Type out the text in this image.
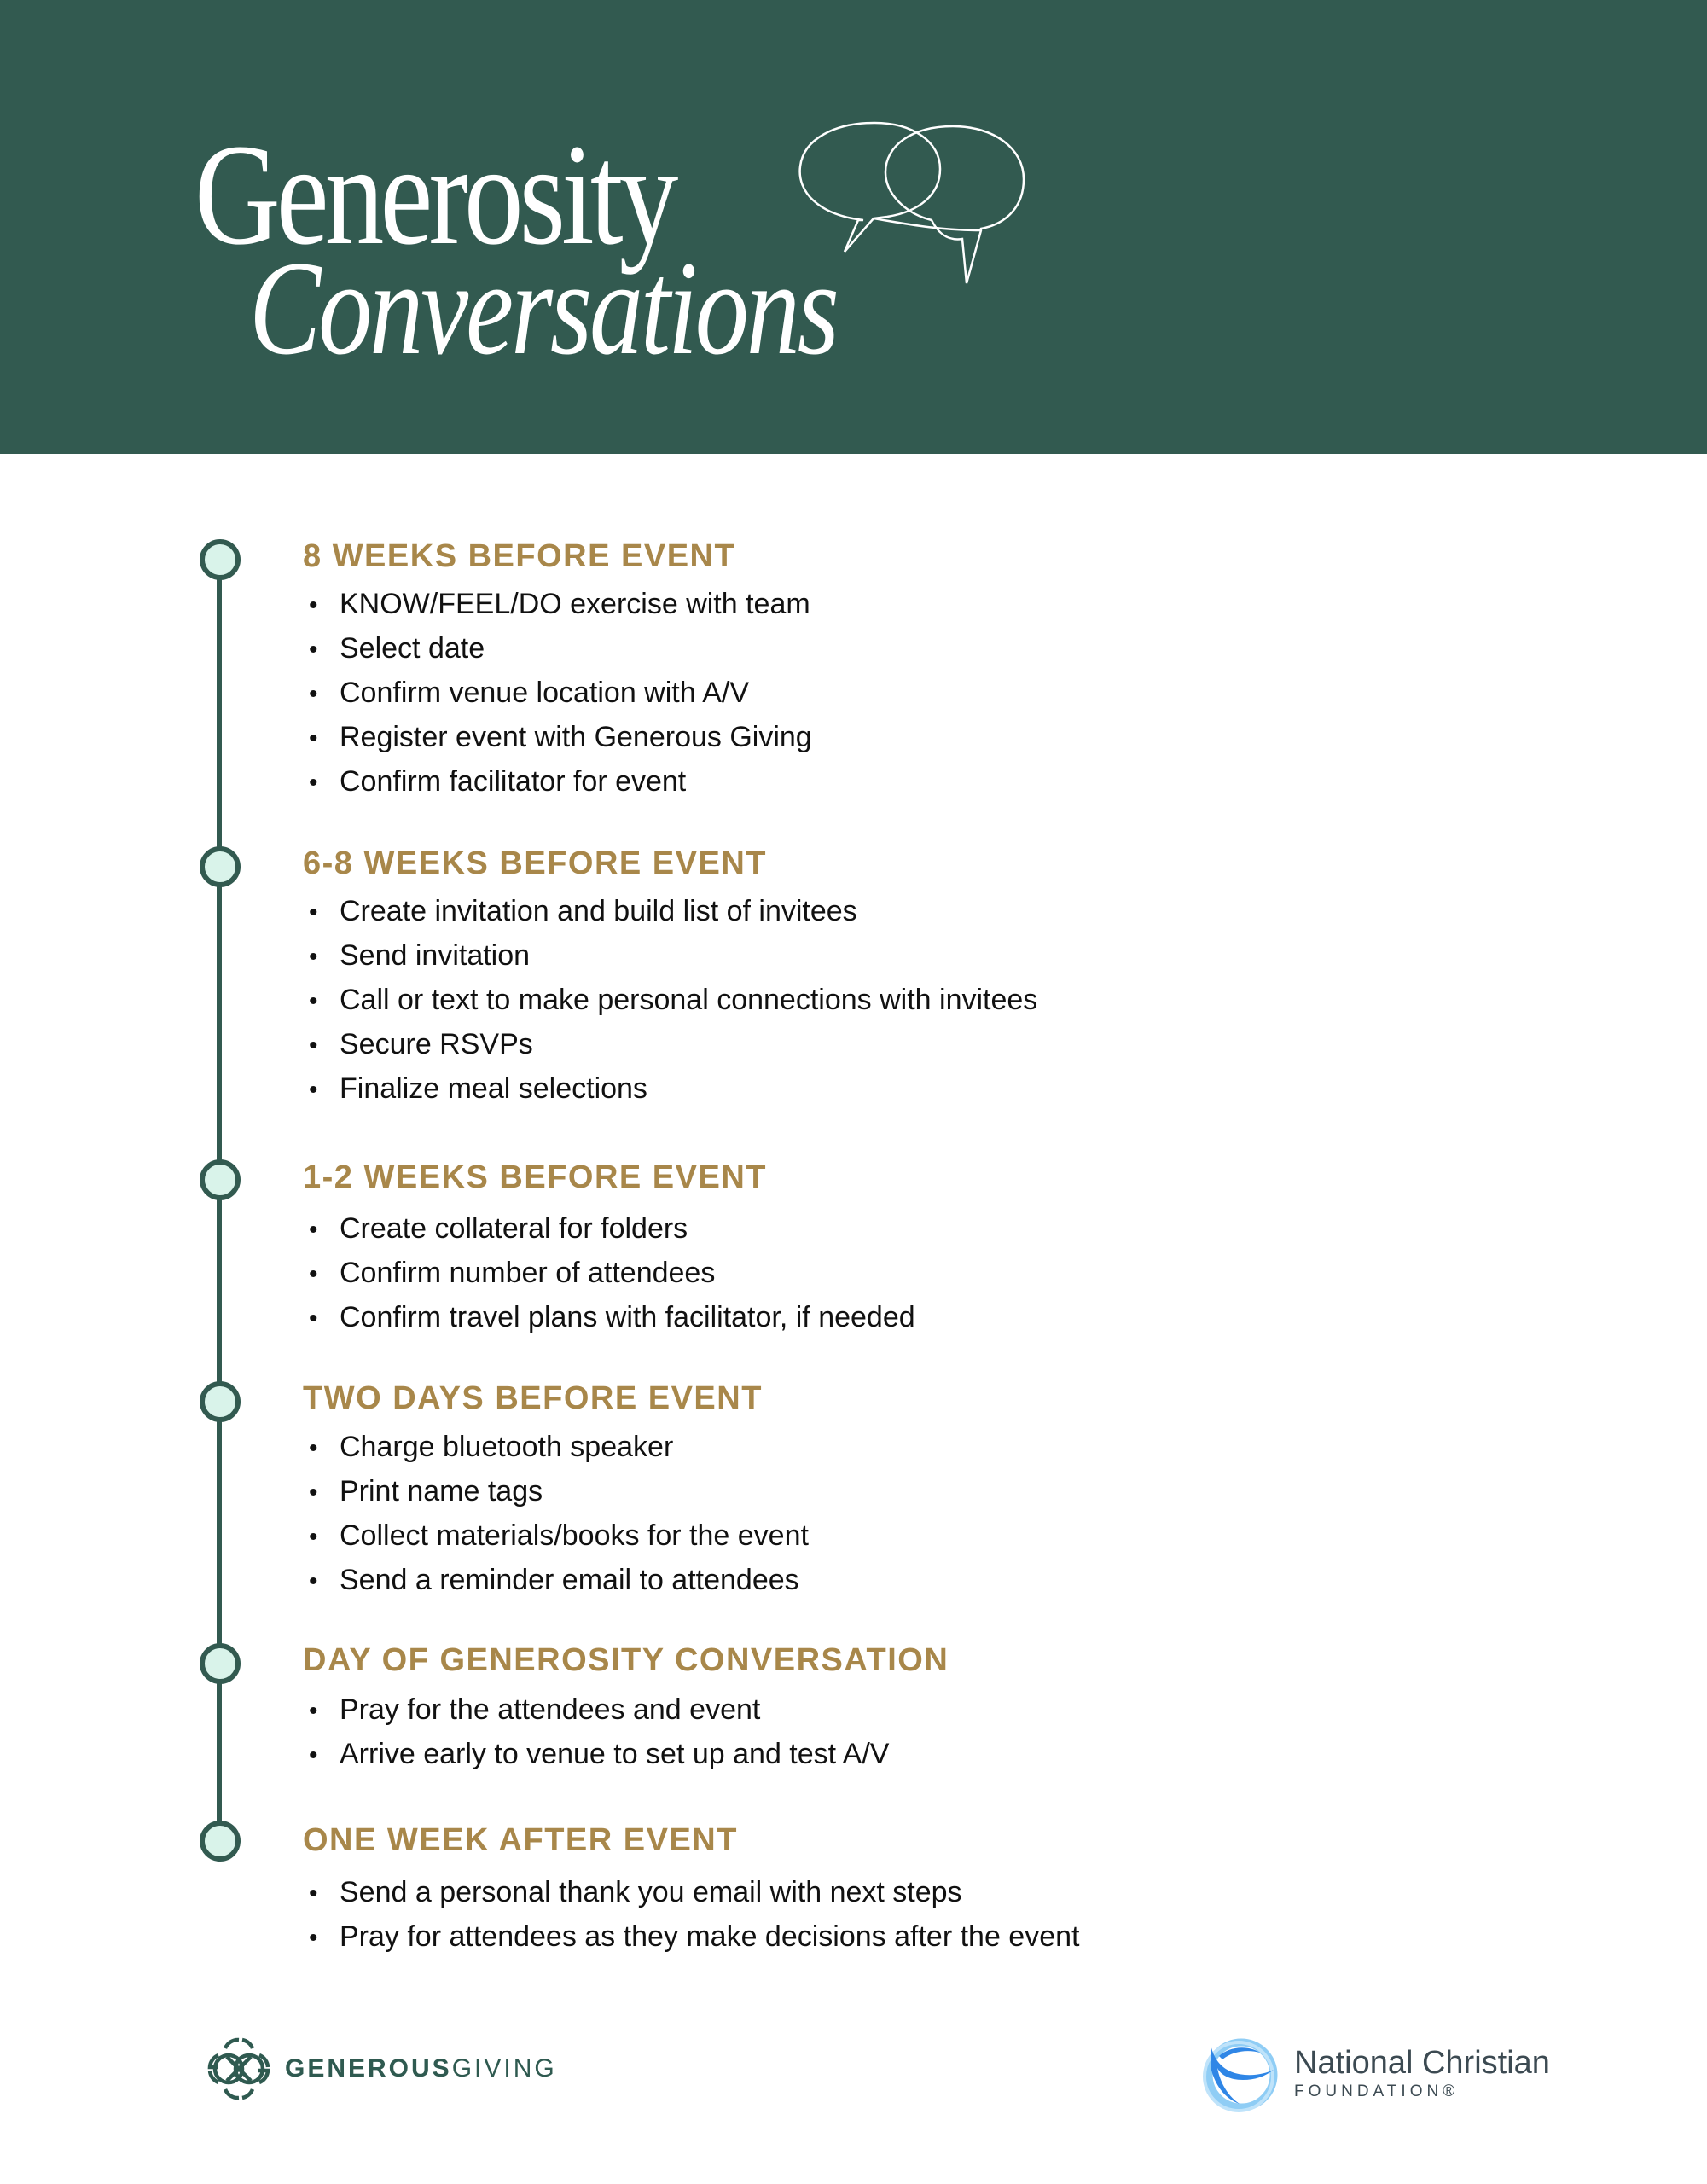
Generosity
Conversations
8 WEEKS BEFORE EVENT
• KNOW/FEEL/DO exercise with team
• Select date
• Confirm venue location with A/V
• Register event with Generous Giving
• Confirm facilitator for event
6-8 WEEKS BEFORE EVENT
• Create invitation and build list of invitees
• Send invitation
• Call or text to make personal connections with invitees
• Secure RSVPs
• Finalize meal selections
1-2 WEEKS BEFORE EVENT
• Create collateral for folders
• Confirm number of attendees
• Confirm travel plans with facilitator, if needed
TWO DAYS BEFORE EVENT
• Charge bluetooth speaker
• Print name tags
• Collect materials/books for the event
• Send a reminder email to attendees
DAY OF GENEROSITY CONVERSATION
• Pray for the attendees and event
• Arrive early to venue to set up and test A/V
ONE WEEK AFTER EVENT
• Send a personal thank you email with next steps
• Pray for attendees as they make decisions after the event
GENEROUSGIVING	National Christian
FOUNDATION®
